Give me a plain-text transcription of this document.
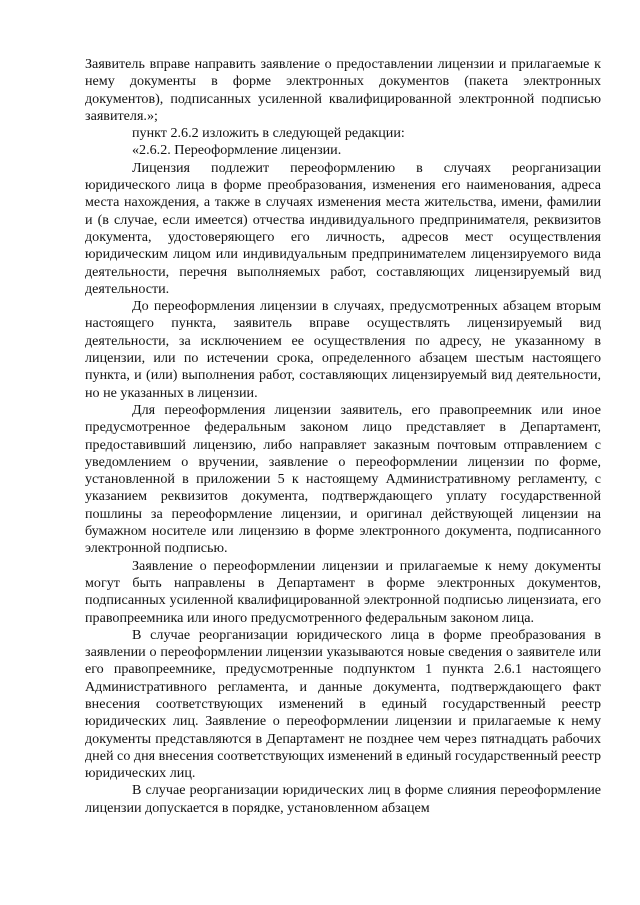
Заявитель вправе направить заявление о предоставлении лицензии и прилагаемые к нему документы в форме электронных документов (пакета электронных документов), подписанных усиленной квалифицированной электронной подписью заявителя.»;

пункт 2.6.2 изложить в следующей редакции:

«2.6.2. Переоформление лицензии.

Лицензия подлежит переоформлению в случаях реорганизации юридического лица в форме преобразования, изменения его наименования, адреса места нахождения, а также в случаях изменения места жительства, имени, фамилии и (в случае, если имеется) отчества индивидуального предпринимателя, реквизитов документа, удостоверяющего его личность, адресов мест осуществления юридическим лицом или индивидуальным предпринимателем лицензируемого вида деятельности, перечня выполняемых работ, составляющих лицензируемый вид деятельности.

До переоформления лицензии в случаях, предусмотренных абзацем вторым настоящего пункта, заявитель вправе осуществлять лицензируемый вид деятельности, за исключением ее осуществления по адресу, не указанному в лицензии, или по истечении срока, определенного абзацем шестым настоящего пункта, и (или) выполнения работ, составляющих лицензируемый вид деятельности, но не указанных в лицензии.

Для переоформления лицензии заявитель, его правопреемник или иное предусмотренное федеральным законом лицо представляет в Департамент, предоставивший лицензию, либо направляет заказным почтовым отправлением с уведомлением о вручении, заявление о переоформлении лицензии по форме, установленной в приложении 5 к настоящему Административному регламенту, с указанием реквизитов документа, подтверждающего уплату государственной пошлины за переоформление лицензии, и оригинал действующей лицензии на бумажном носителе или лицензию в форме электронного документа, подписанного электронной подписью.

Заявление о переоформлении лицензии и прилагаемые к нему документы могут быть направлены в Департамент в форме электронных документов, подписанных усиленной квалифицированной электронной подписью лицензиата, его правопреемника или иного предусмотренного федеральным законом лица.

В случае реорганизации юридического лица в форме преобразования в заявлении о переоформлении лицензии указываются новые сведения о заявителе или его правопреемнике, предусмотренные подпунктом 1 пункта 2.6.1 настоящего Административного регламента, и данные документа, подтверждающего факт внесения соответствующих изменений в единый государственный реестр юридических лиц. Заявление о переоформлении лицензии и прилагаемые к нему документы представляются в Департамент не позднее чем через пятнадцать рабочих дней со дня внесения соответствующих изменений в единый государственный реестр юридических лиц.

В случае реорганизации юридических лиц в форме слияния переоформление лицензии допускается в порядке, установленном абзацем
